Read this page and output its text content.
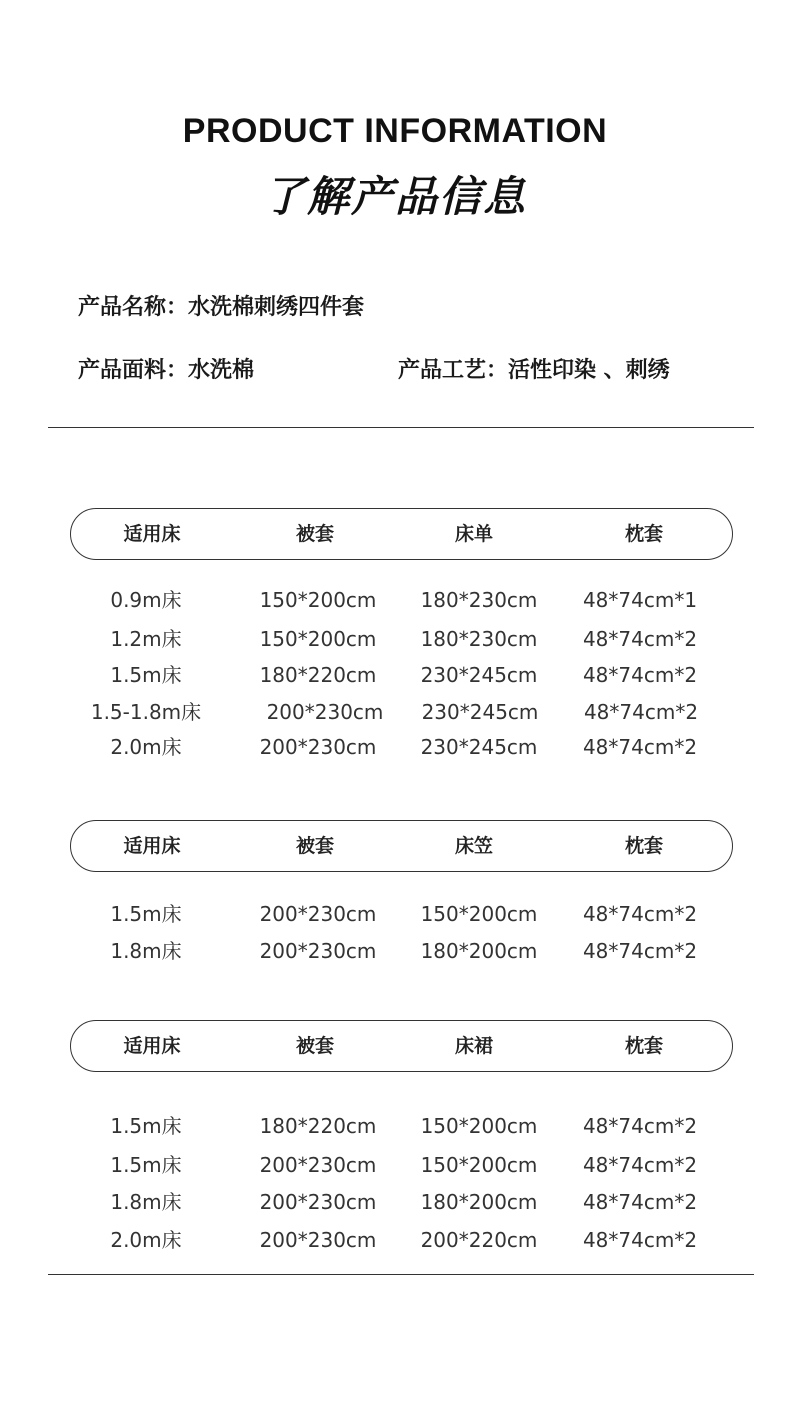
PRODUCT INFORMATION
了解产品信息
产品名称：水洗棉刺绣四件套
产品面料：水洗棉	产品工艺：活性印染 、刺绣
适用床	被套	床单	枕套
0.9m床	150*200cm	180*230cm	48*74cm*1
1.2m床	150*200cm	180*230cm	48*74cm*2
1.5m床	180*220cm	230*245cm	48*74cm*2
1.5-1.8m床	200*230cm	230*245cm	48*74cm*2
2.0m床	200*230cm	230*245cm	48*74cm*2
适用床	被套	床笠	枕套
1.5m床	200*230cm	150*200cm	48*74cm*2
1.8m床	200*230cm	180*200cm	48*74cm*2
适用床	被套	床裙	枕套
1.5m床	180*220cm	150*200cm	48*74cm*2
1.5m床	200*230cm	150*200cm	48*74cm*2
1.8m床	200*230cm	180*200cm	48*74cm*2
2.0m床	200*230cm	200*220cm	48*74cm*2
